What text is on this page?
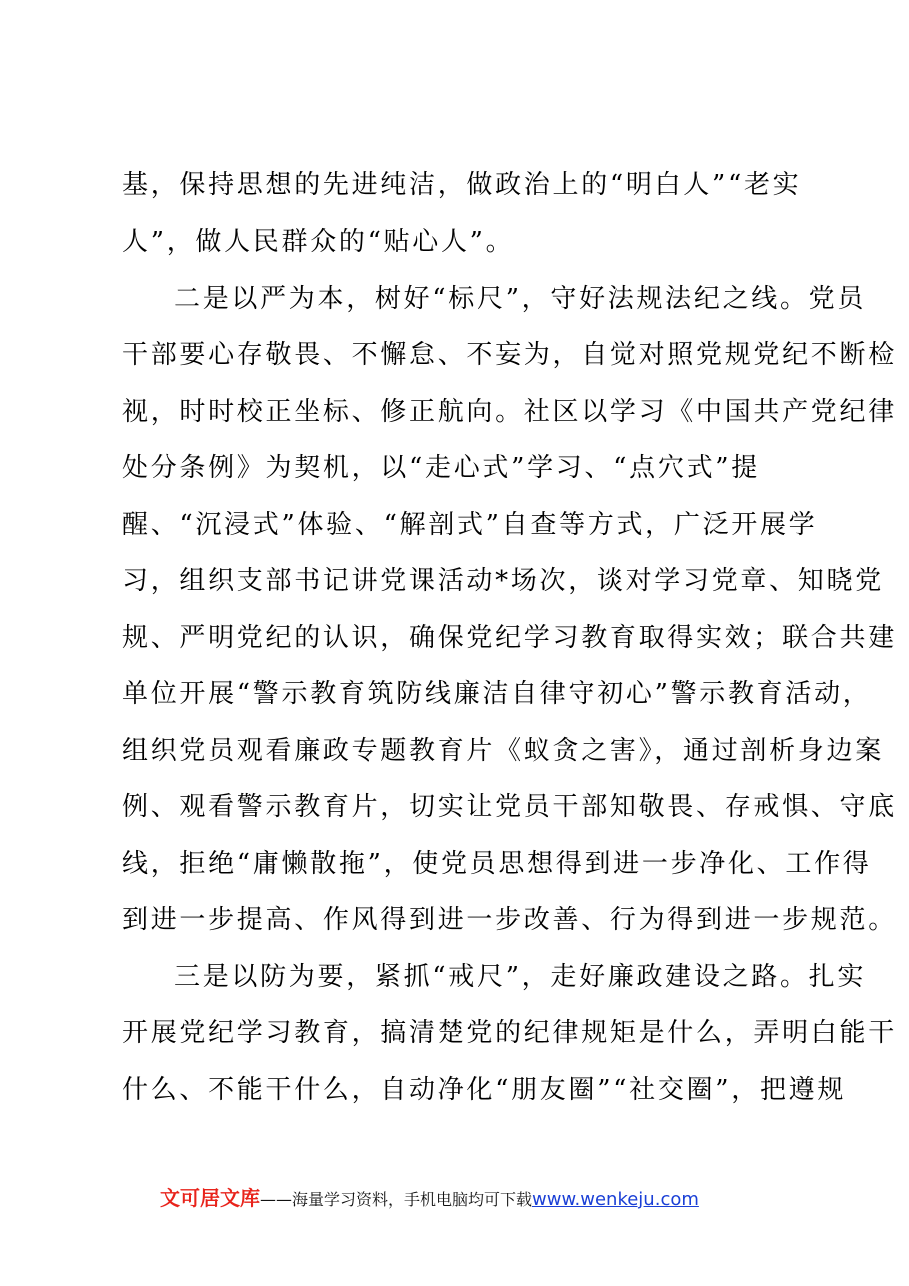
基，保持思想的先进纯洁，做政治上的“明白人”“老实
人”，做人民群众的“贴心人”。
二是以严为本，树好“标尺”，守好法规法纪之线。党员
干部要心存敬畏、不懈怠、不妄为，自觉对照党规党纪不断检
视，时时校正坐标、修正航向。社区以学习《中国共产党纪律
处分条例》为契机，以“走心式”学习、“点穴式”提
醒、“沉浸式”体验、“解剖式”自查等方式，广泛开展学
习，组织支部书记讲党课活动*场次，谈对学习党章、知晓党
规、严明党纪的认识，确保党纪学习教育取得实效；联合共建
单位开展“警示教育筑防线廉洁自律守初心”警示教育活动，
组织党员观看廉政专题教育片《蚁贪之害》，通过剖析身边案
例、观看警示教育片，切实让党员干部知敬畏、存戒惧、守底
线，拒绝“庸懒散拖”，使党员思想得到进一步净化、工作得
到进一步提高、作风得到进一步改善、行为得到进一步规范。
三是以防为要，紧抓“戒尺”，走好廉政建设之路。扎实
开展党纪学习教育，搞清楚党的纪律规矩是什么，弄明白能干
什么、不能干什么，自动净化“朋友圈”“社交圈”，把遵规
文可居文库——海量学习资料，手机电脑均可下载www.wenkeju.com
